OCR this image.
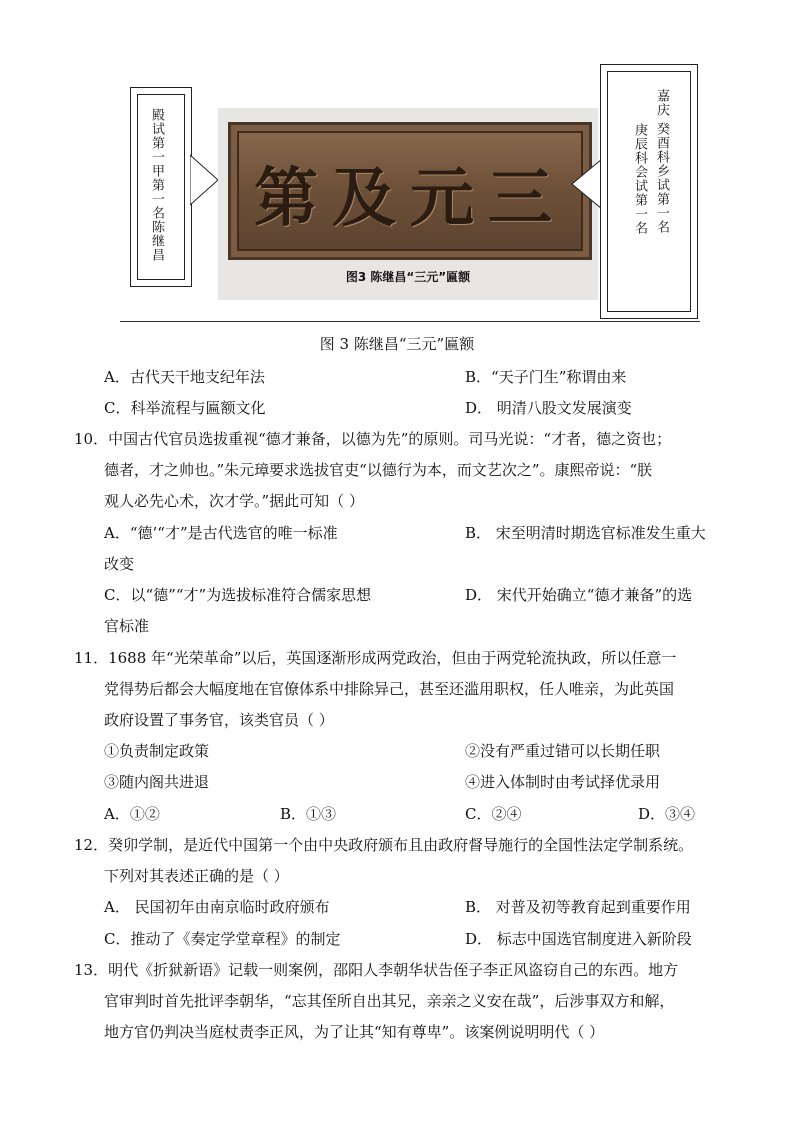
殿试第一甲第一名陈继昌	第及元三
图3 陈继昌“三元”匾额
嘉庆 癸酉科乡试第一名
庚辰科会试第一名
图 3 陈继昌“三元”匾额
A．古代天干地支纪年法	B．“天子门生”称谓由来
C．科举流程与匾额文化	D． 明清八股文发展演变
10．中国古代官员选拔重视“德才兼备，以德为先”的原则。司马光说：“才者，德之资也；
德者，才之帅也。”朱元璋要求选拔官吏“以德行为本，而文艺次之”。康熙帝说：“朕
观人必先心术，次才学。”据此可知（ ）
A．“德’“才”是古代选官的唯一标准	B． 宋至明清时期选官标准发生重大
改变
C．以“德”“才”为选拔标准符合儒家思想	D． 宋代开始确立“德才兼备”的选
官标准
11．1688 年“光荣革命”以后，英国逐渐形成两党政治，但由于两党轮流执政，所以任意一
党得势后都会大幅度地在官僚体系中排除异己，甚至还滥用职权，任人唯亲，为此英国
政府设置了事务官，该类官员（ ）
①负责制定政策	②没有严重过错可以长期任职
③随内阁共进退	④进入体制时由考试择优录用
A．①②	B．①③	C．②④	D．③④
12．癸卯学制，是近代中国第一个由中央政府颁布且由政府督导施行的全国性法定学制系统。
下列对其表述正确的是（ ）
A． 民国初年由南京临时政府颁布	B． 对普及初等教育起到重要作用
C．推动了《奏定学堂章程》的制定	D． 标志中国选官制度进入新阶段
13．明代《折狱新语》记载一则案例，邵阳人李朝华状告侄子李正风盗窃自己的东西。地方
官审判时首先批评李朝华，“忘其侄所自出其兄，亲亲之义安在哉”，后涉事双方和解，
地方官仍判决当庭杖责李正风，为了让其“知有尊卑”。该案例说明明代（ ）
